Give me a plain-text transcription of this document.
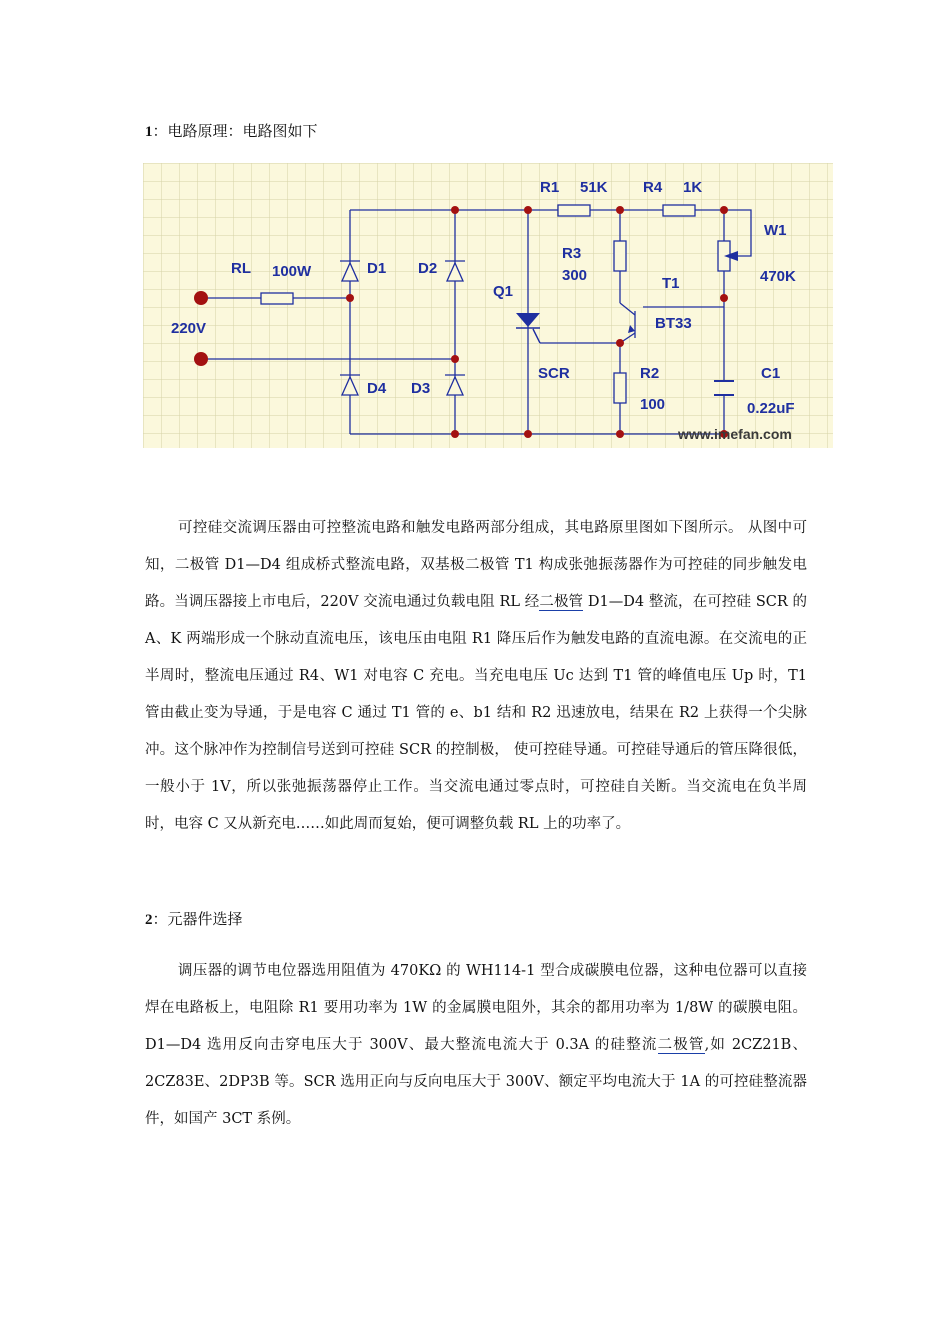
1：电路原理：电路图如下
R1 51K R4 1K
W1
470K
R3
300	T1
BT33
RL 100W	D1 D2
D4 D3
Q1
SCR	R2
100
C1
0.22uF
220V
www.imefan.com

可控硅交流调压器由可控整流电路和触发电路两部分组成，其电路原里图如下图所示。 从图中可知，二极管 D1—D4 组成桥式整流电路，双基极二极管 T1 构成张弛振荡器作为可控硅的同步触发电路。当调压器接上市电后，220V 交流电通过负载电阻 RL 经二极管 D1—D4 整流，在可控硅 SCR 的 A、K 两端形成一个脉动直流电压，该电压由电阻 R1 降压后作为触发电路的直流电源。在交流电的正半周时，整流电压通过 R4、W1 对电容 C 充电。当充电电压 Uc 达到 T1 管的峰值电压 Up 时，T1 管由截止变为导通，于是电容 C 通过 T1 管的 e、b1 结和 R2 迅速放电，结果在 R2 上获得一个尖脉冲。这个脉冲作为控制信号送到可控硅 SCR 的控制极， 使可控硅导通。可控硅导通后的管压降很低，一般小于 1V，所以张弛振荡器停止工作。当交流电通过零点时，可控硅自关断。当交流电在负半周时，电容 C 又从新充电……如此周而复始，便可调整负载 RL 上的功率了。

2：元器件选择

调压器的调节电位器选用阻值为 470KΩ 的 WH114-1 型合成碳膜电位器，这种电位器可以直接焊在电路板上，电阻除 R1 要用功率为 1W 的金属膜电阻外，其余的都用功率为 1/8W 的碳膜电阻。D1—D4 选用反向击穿电压大于 300V、最大整流电流大于 0.3A 的硅整流二极管,如 2CZ21B、2CZ83E、2DP3B 等。SCR 选用正向与反向电压大于 300V、额定平均电流大于 1A 的可控硅整流器件，如国产 3CT 系例。
